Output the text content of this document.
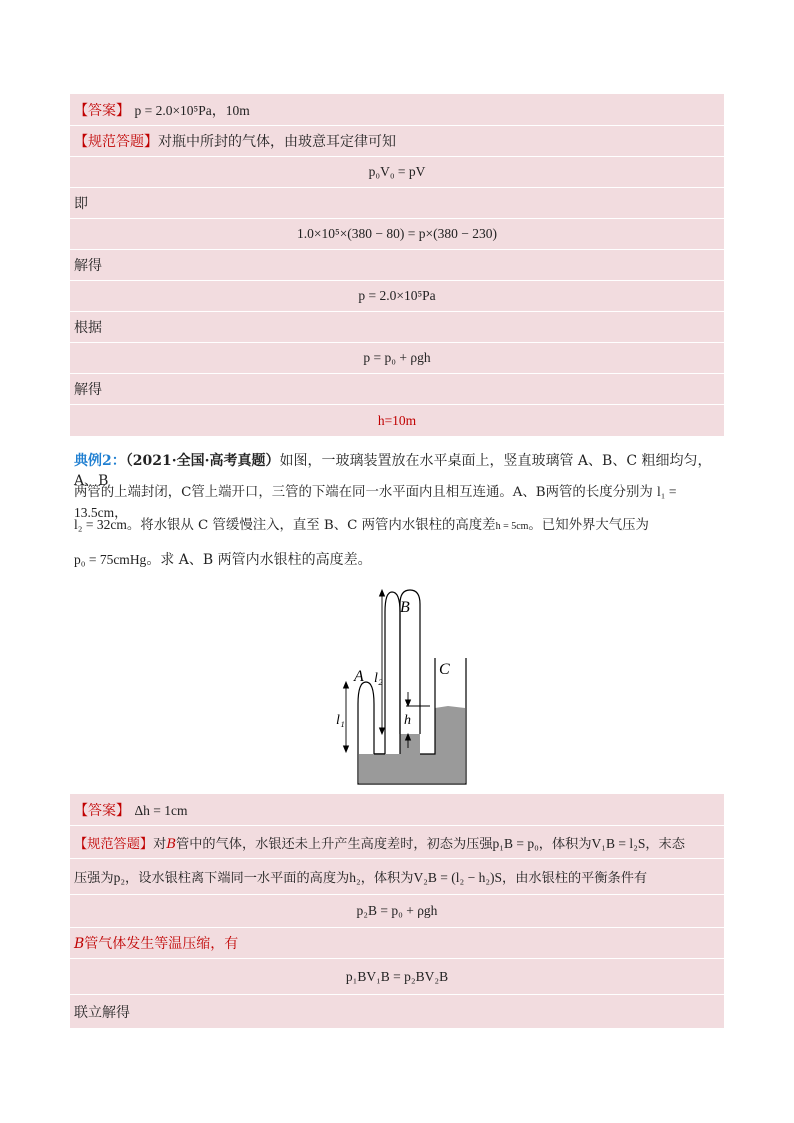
【答案】 p = 2.0×10⁵Pa，10m
【规范答题】对瓶中所封的气体，由玻意耳定律可知
p₀V₀ = pV
即
1.0×10⁵×(380 − 80) = p×(380 − 230)
解得
p = 2.0×10⁵Pa
根据
p = p₀ + ρgh
解得
h=10m
典例2：（2021·全国·高考真题）如图，一玻璃装置放在水平桌面上，竖直玻璃管 A、B、C 粗细均匀，A、B
两管的上端封闭，C管上端开口，三管的下端在同一水平面内且相互连通。A、B两管的长度分别为 l₁ = 13.5cm，
l₂ = 32cm。将水银从 C 管缓慢注入，直至 B、C 两管内水银柱的高度差h = 5cm。已知外界大气压为
p₀ = 75cmHg。求 A、B 两管内水银柱的高度差。
A
B
C
l₁
l₂
h
【答案】 Δh = 1cm
【规范答题】对B管中的气体，水银还未上升产生高度差时，初态为压强p₁B = p₀，体积为V₁B = l₂S，末态
压强为p₂，设水银柱离下端同一水平面的高度为h₂，体积为V₂B = (l₂ − h₂)S，由水银柱的平衡条件有
p₂B = p₀ + ρgh
B管气体发生等温压缩，有
p₁BV₁B = p₂BV₂B
联立解得
